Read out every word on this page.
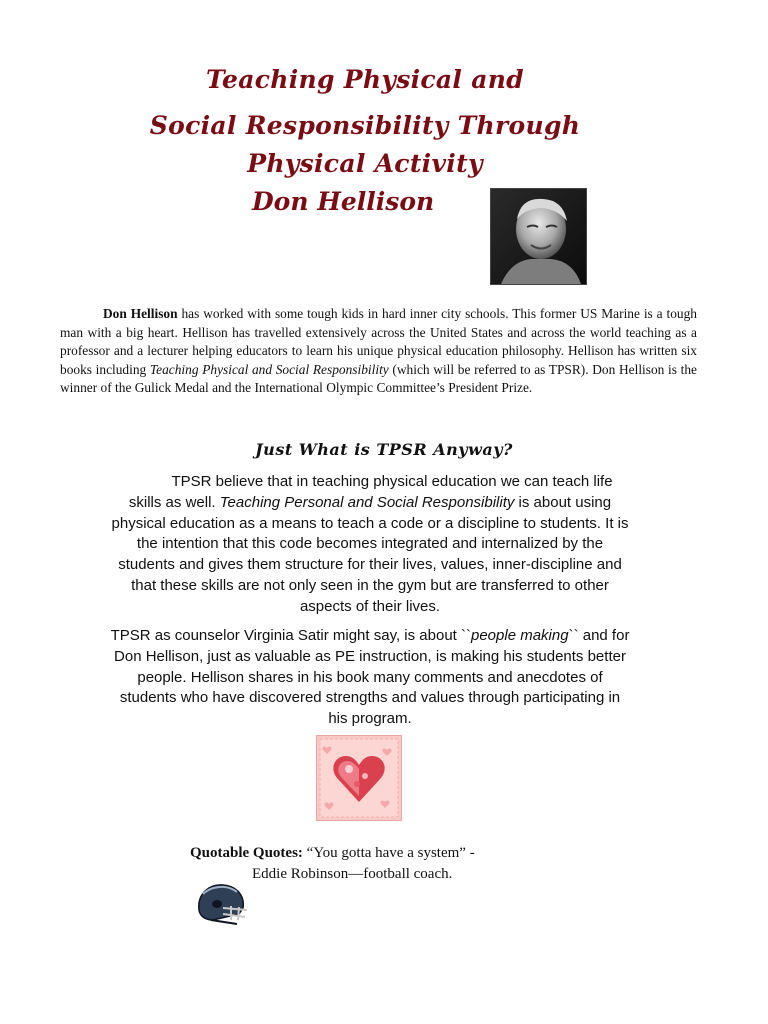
Teaching Physical and
Social Responsibility Through
Physical Activity
Don Hellison
Don Hellison has worked with some tough kids in hard inner city schools. This former US Marine is a tough man with a big heart. Hellison has travelled extensively across the United States and across the world teaching as a professor and a lecturer helping educators to learn his unique physical education philosophy. Hellison has written six books including Teaching Physical and Social Responsibility (which will be referred to as TPSR). Don Hellison is the winner of the Gulick Medal and the International Olympic Committee’s President Prize.
Just What is TPSR Anyway?
TPSR believe that in teaching physical education we can teach life skills as well. Teaching Personal and Social Responsibility is about using physical education as a means to teach a code or a discipline to students. It is the intention that this code becomes integrated and internalized by the students and gives them structure for their lives, values, inner-discipline and that these skills are not only seen in the gym but are transferred to other aspects of their lives.
TPSR as counselor Virginia Satir might say, is about ``people making`` and for Don Hellison, just as valuable as PE instruction, is making his students better people. Hellison shares in his book many comments and anecdotes of students who have discovered strengths and values through participating in his program.
Quotable Quotes: “You gotta have a system” -
Eddie Robinson—football coach.
